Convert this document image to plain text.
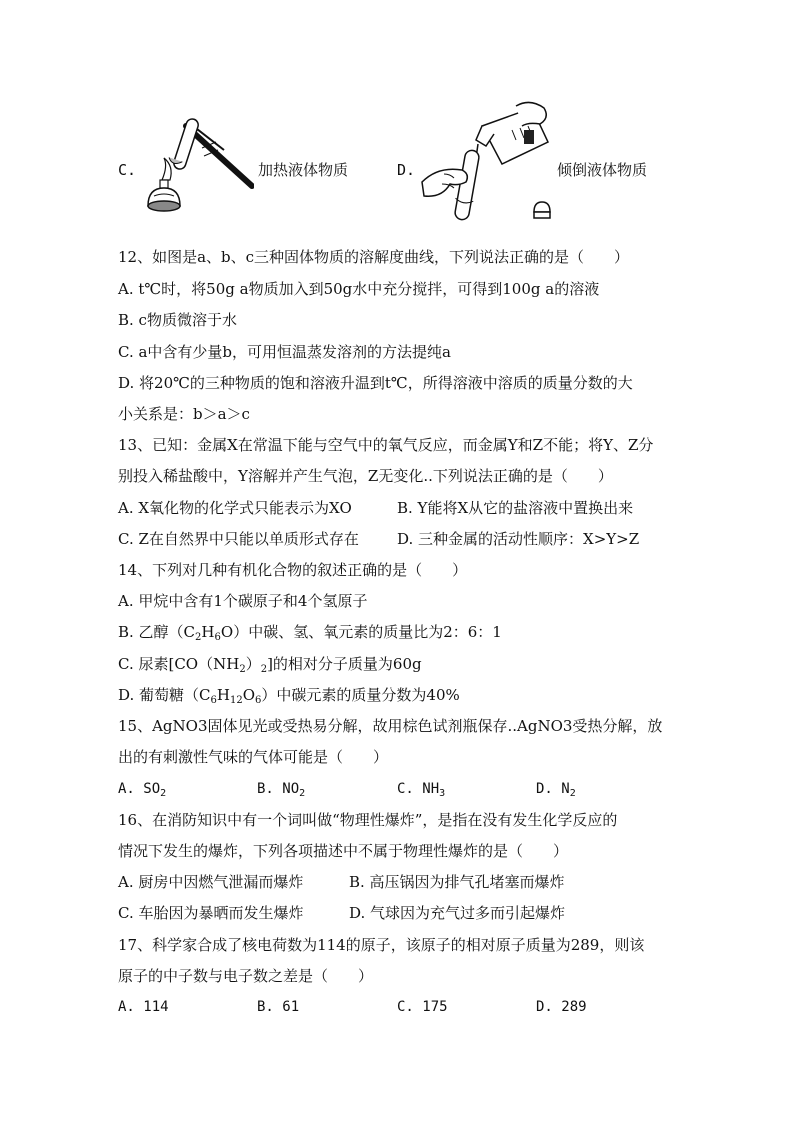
C.	加热液体物质	D.	倾倒液体物质
12、如图是a、b、c三种固体物质的溶解度曲线，下列说法正确的是（　　）
A. t℃时，将50g a物质加入到50g水中充分搅拌，可得到100g a的溶液
B. c物质微溶于水
C. a中含有少量b，可用恒温蒸发溶剂的方法提纯a
D. 将20℃的三种物质的饱和溶液升温到t℃，所得溶液中溶质的质量分数的大
小关系是：b＞a＞c
13、已知：金属X在常温下能与空气中的氧气反应，而金属Y和Z不能；将Y、Z分
别投入稀盐酸中，Y溶解并产生气泡，Z无变化..下列说法正确的是（　　）
A. X氧化物的化学式只能表示为XO	B. Y能将X从它的盐溶液中置换出来
C. Z在自然界中只能以单质形式存在	D. 三种金属的活动性顺序：X>Y>Z
14、下列对几种有机化合物的叙述正确的是（　　）
A. 甲烷中含有1个碳原子和4个氢原子
B. 乙醇$(C_2H_6O)$中碳、氢、氧元素的质量比为2：6：1
C. 尿素$[CO(NH_2)_2]$的相对分子质量为60g
D. 葡萄糖$(C_6H_{12}O_6)$中碳元素的质量分数为40%
15、AgNO3固体见光或受热易分解，故用棕色试剂瓶保存..AgNO3受热分解，放
出的有刺激性气味的气体可能是（　　）
A. $SO_2$	B. $NO_2$	C. $NH_3$	D. $N_2$
16、在消防知识中有一个词叫做“物理性爆炸”，是指在没有发生化学反应的
情况下发生的爆炸，下列各项描述中不属于物理性爆炸的是（　　）
A. 厨房中因燃气泄漏而爆炸	B. 高压锅因为排气孔堵塞而爆炸
C. 车胎因为暴晒而发生爆炸	D. 气球因为充气过多而引起爆炸
17、科学家合成了核电荷数为114的原子，该原子的相对原子质量为289，则该
原子的中子数与电子数之差是（　　）
A. 114	B. 61	C. 175	D. 289
